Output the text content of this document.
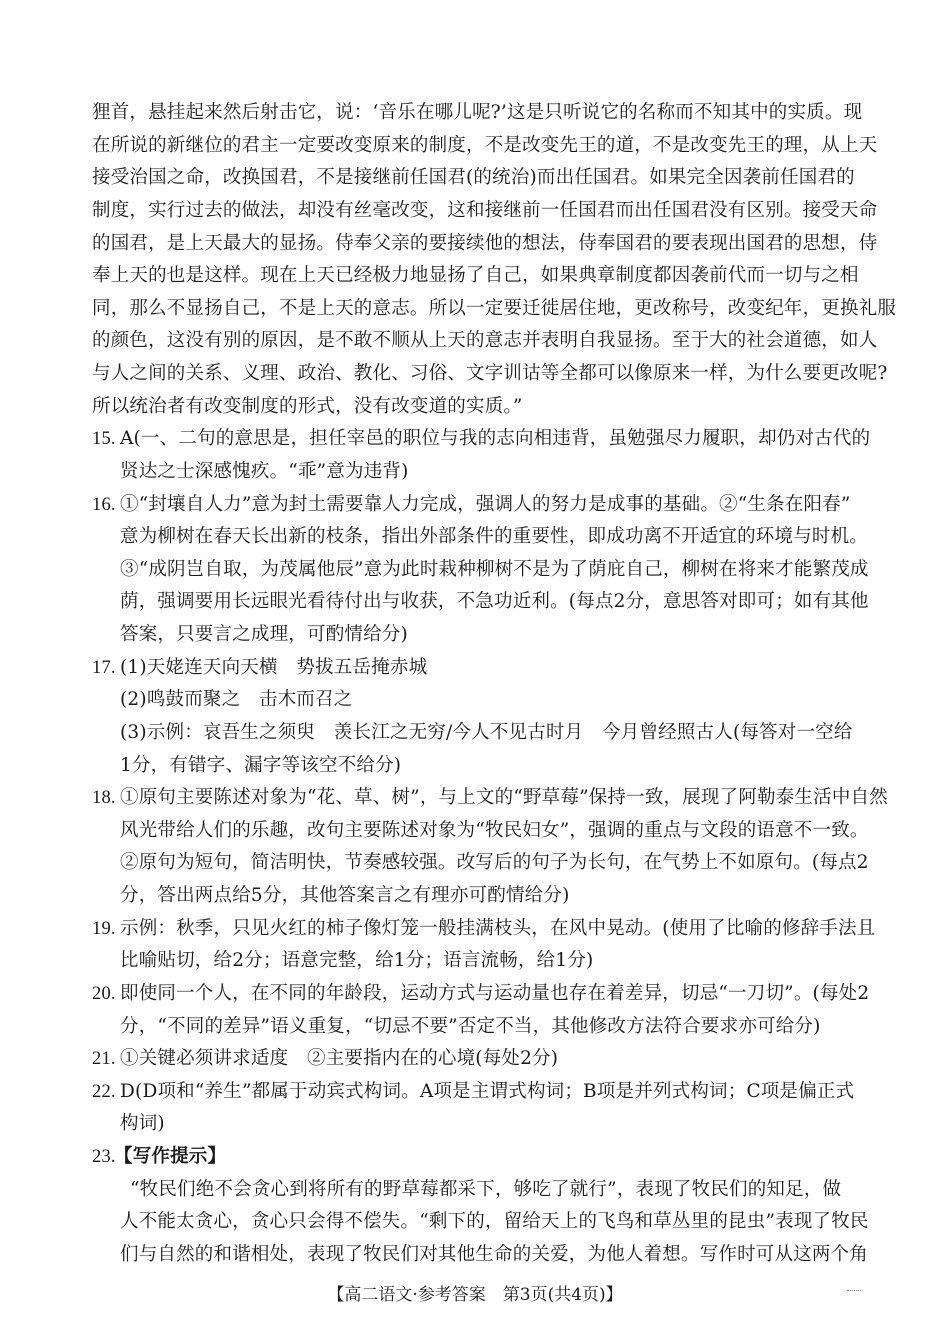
狸首，悬挂起来然后射击它，说：‘音乐在哪儿呢?’这是只听说它的名称而不知其中的实质。现
在所说的新继位的君主一定要改变原来的制度，不是改变先王的道，不是改变先王的理，从上天
接受治国之命，改换国君，不是接继前任国君(的统治)而出任国君。如果完全因袭前任国君的
制度，实行过去的做法，却没有丝毫改变，这和接继前一任国君而出任国君没有区别。接受天命
的国君，是上天最大的显扬。侍奉父亲的要接续他的想法，侍奉国君的要表现出国君的思想，侍
奉上天的也是这样。现在上天已经极力地显扬了自己，如果典章制度都因袭前代而一切与之相
同，那么不显扬自己，不是上天的意志。所以一定要迁徙居住地，更改称号，改变纪年，更换礼服
的颜色，这没有别的原因，是不敢不顺从上天的意志并表明自我显扬。至于大的社会道德，如人
与人之间的关系、义理、政治、教化、习俗、文字训诂等全都可以像原来一样，为什么要更改呢?
所以统治者有改变制度的形式，没有改变道的实质。”
15. A(一、二句的意思是，担任宰邑的职位与我的志向相违背，虽勉强尽力履职，却仍对古代的
贤达之士深感愧疚。“乖”意为违背)
16. ①“封壤自人力”意为封土需要靠人力完成，强调人的努力是成事的基础。②“生条在阳春”
意为柳树在春天长出新的枝条，指出外部条件的重要性，即成功离不开适宜的环境与时机。
③“成阴岂自取，为茂属他辰”意为此时栽种柳树不是为了荫庇自己，柳树在将来才能繁茂成
荫，强调要用长远眼光看待付出与收获，不急功近利。(每点2分，意思答对即可；如有其他
答案，只要言之成理，可酌情给分)
17. (1)天姥连天向天横　势拔五岳掩赤城
(2)鸣鼓而聚之　击木而召之
(3)示例：哀吾生之须臾　羡长江之无穷/今人不见古时月　今月曾经照古人(每答对一空给
1分，有错字、漏字等该空不给分)
18. ①原句主要陈述对象为“花、草、树”，与上文的“野草莓”保持一致，展现了阿勒泰生活中自然
风光带给人们的乐趣，改句主要陈述对象为“牧民妇女”，强调的重点与文段的语意不一致。
②原句为短句，简洁明快，节奏感较强。改写后的句子为长句，在气势上不如原句。(每点2
分，答出两点给5分，其他答案言之有理亦可酌情给分)
19. 示例：秋季，只见火红的柿子像灯笼一般挂满枝头，在风中晃动。(使用了比喻的修辞手法且
比喻贴切，给2分；语意完整，给1分；语言流畅，给1分)
20. 即使同一个人，在不同的年龄段，运动方式与运动量也存在着差异，切忌“一刀切”。(每处2
分，“不同的差异”语义重复，“切忌不要”否定不当，其他修改方法符合要求亦可给分)
21. ①关键必须讲求适度　②主要指内在的心境(每处2分)
22. D(D项和“养生”都属于动宾式构词。A项是主谓式构词；B项是并列式构词；C项是偏正式
构词)
23.
【写作提示】
“牧民们绝不会贪心到将所有的野草莓都采下，够吃了就行”，表现了牧民们的知足，做
【高二语文·参考答案　第3页(共4页)】
人不能太贪心，贪心只会得不偿失。“剩下的，留给天上的飞鸟和草丛里的昆虫”表现了牧民
们与自然的和谐相处，表现了牧民们对其他生命的关爱，为他人着想。写作时可从这两个角
